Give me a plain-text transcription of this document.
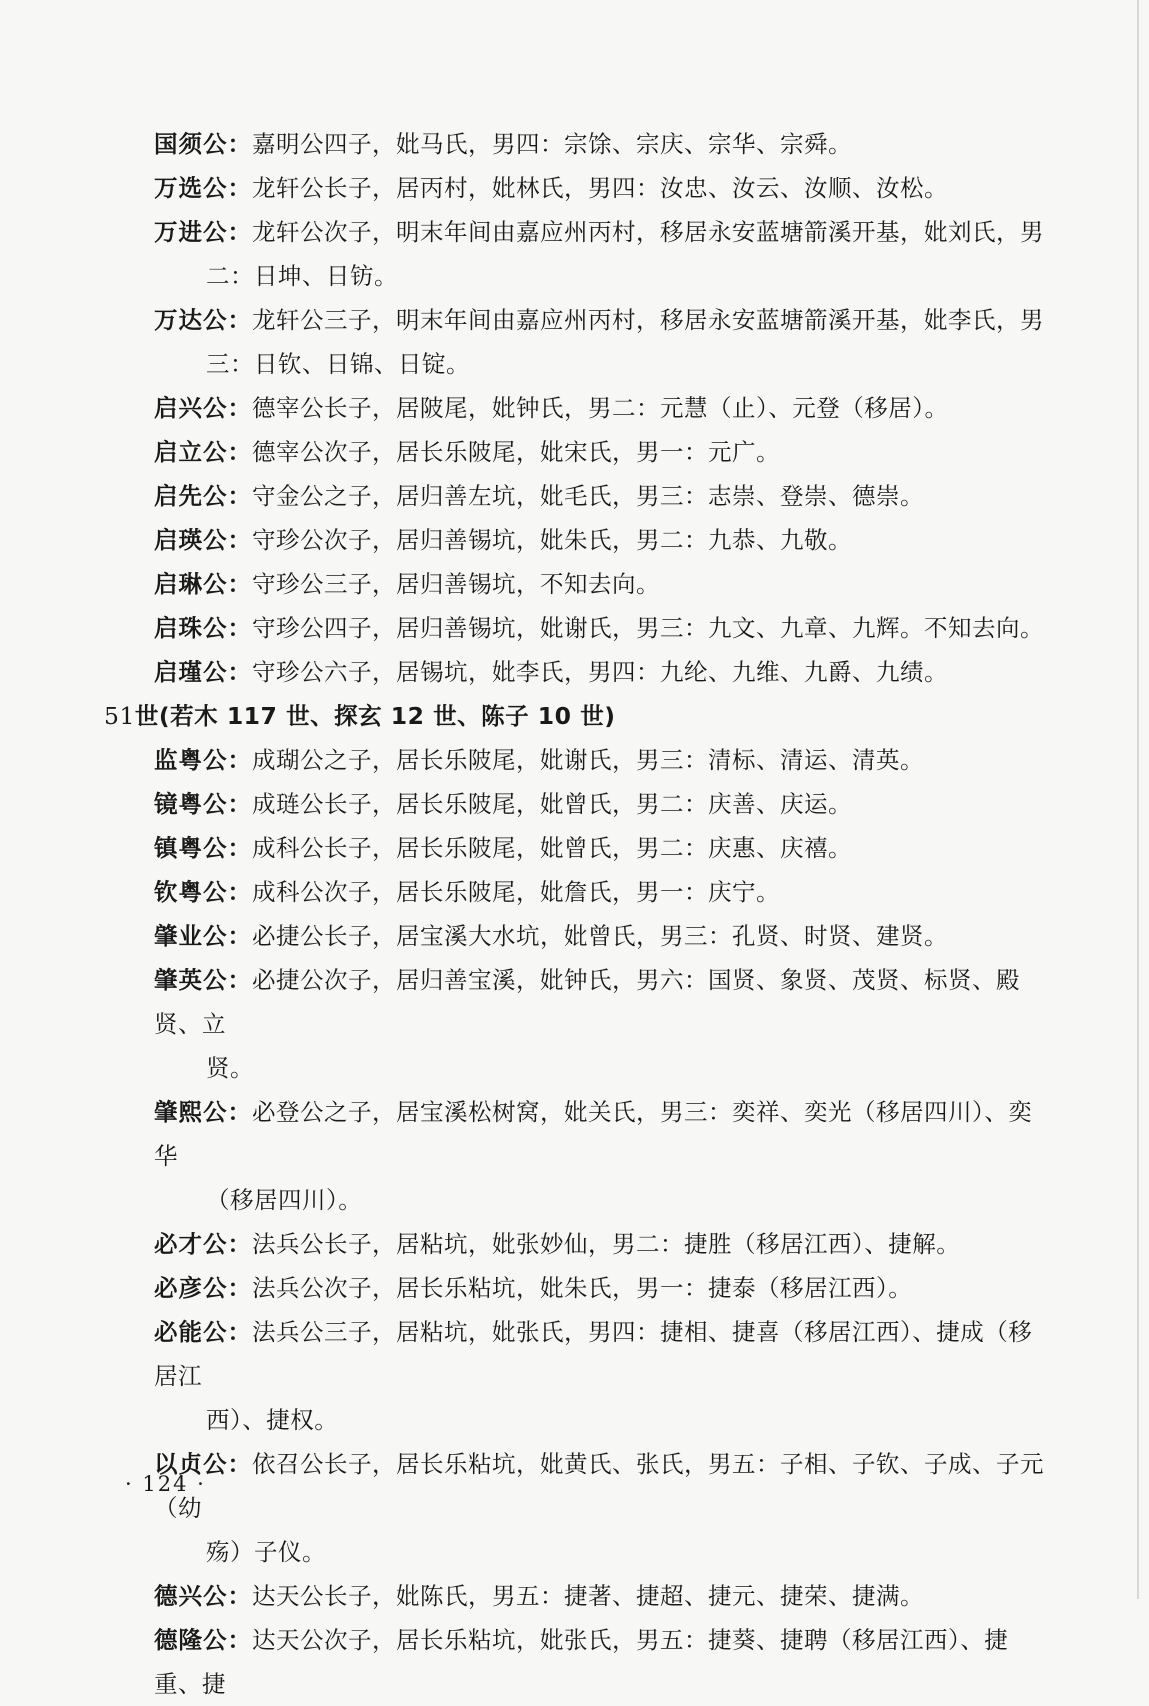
国须公：嘉明公四子，妣马氏，男四：宗馀、宗庆、宗华、宗舜。
万选公：龙轩公长子，居丙村，妣林氏，男四：汝忠、汝云、汝顺、汝松。
万进公：龙轩公次子，明末年间由嘉应州丙村，移居永安蓝塘箭溪开基，妣刘氏，男
二：日坤、日钫。
万达公：龙轩公三子，明末年间由嘉应州丙村，移居永安蓝塘箭溪开基，妣李氏，男
三：日钦、日锦、日锭。
启兴公：德宰公长子，居陂尾，妣钟氏，男二：元慧（止）、元登（移居）。
启立公：德宰公次子，居长乐陂尾，妣宋氏，男一：元广。
启先公：守金公之子，居归善左坑，妣毛氏，男三：志崇、登崇、德崇。
启瑛公：守珍公次子，居归善锡坑，妣朱氏，男二：九恭、九敬。
启琳公：守珍公三子，居归善锡坑，不知去向。
启珠公：守珍公四子，居归善锡坑，妣谢氏，男三：九文、九章、九辉。不知去向。
启瑾公：守珍公六子，居锡坑，妣李氏，男四：九纶、九维、九爵、九绩。
51世(若木 117 世、探玄 12 世、陈子 10 世)
监粤公：成瑚公之子，居长乐陂尾，妣谢氏，男三：清标、清运、清英。
镜粤公：成琏公长子，居长乐陂尾，妣曾氏，男二：庆善、庆运。
镇粤公：成科公长子，居长乐陂尾，妣曾氏，男二：庆惠、庆禧。
钦粤公：成科公次子，居长乐陂尾，妣詹氏，男一：庆宁。
肇业公：必捷公长子，居宝溪大水坑，妣曾氏，男三：孔贤、时贤、建贤。
肇英公：必捷公次子，居归善宝溪，妣钟氏，男六：国贤、象贤、茂贤、标贤、殿贤、立
贤。
肇熙公：必登公之子，居宝溪松树窝，妣关氏，男三：奕祥、奕光（移居四川）、奕华
（移居四川）。
必才公：法兵公长子，居粘坑，妣张妙仙，男二：捷胜（移居江西）、捷解。
必彦公：法兵公次子，居长乐粘坑，妣朱氏，男一：捷泰（移居江西）。
必能公：法兵公三子，居粘坑，妣张氏，男四：捷相、捷喜（移居江西）、捷成（移居江
西）、捷权。
以贞公：依召公长子，居长乐粘坑，妣黄氏、张氏，男五：子相、子钦、子成、子元（幼
殇）子仪。
德兴公：达天公长子，妣陈氏，男五：捷著、捷超、捷元、捷荣、捷满。
德隆公：达天公次子，居长乐粘坑，妣张氏，男五：捷葵、捷聘（移居江西）、捷重、捷
· 124 ·
